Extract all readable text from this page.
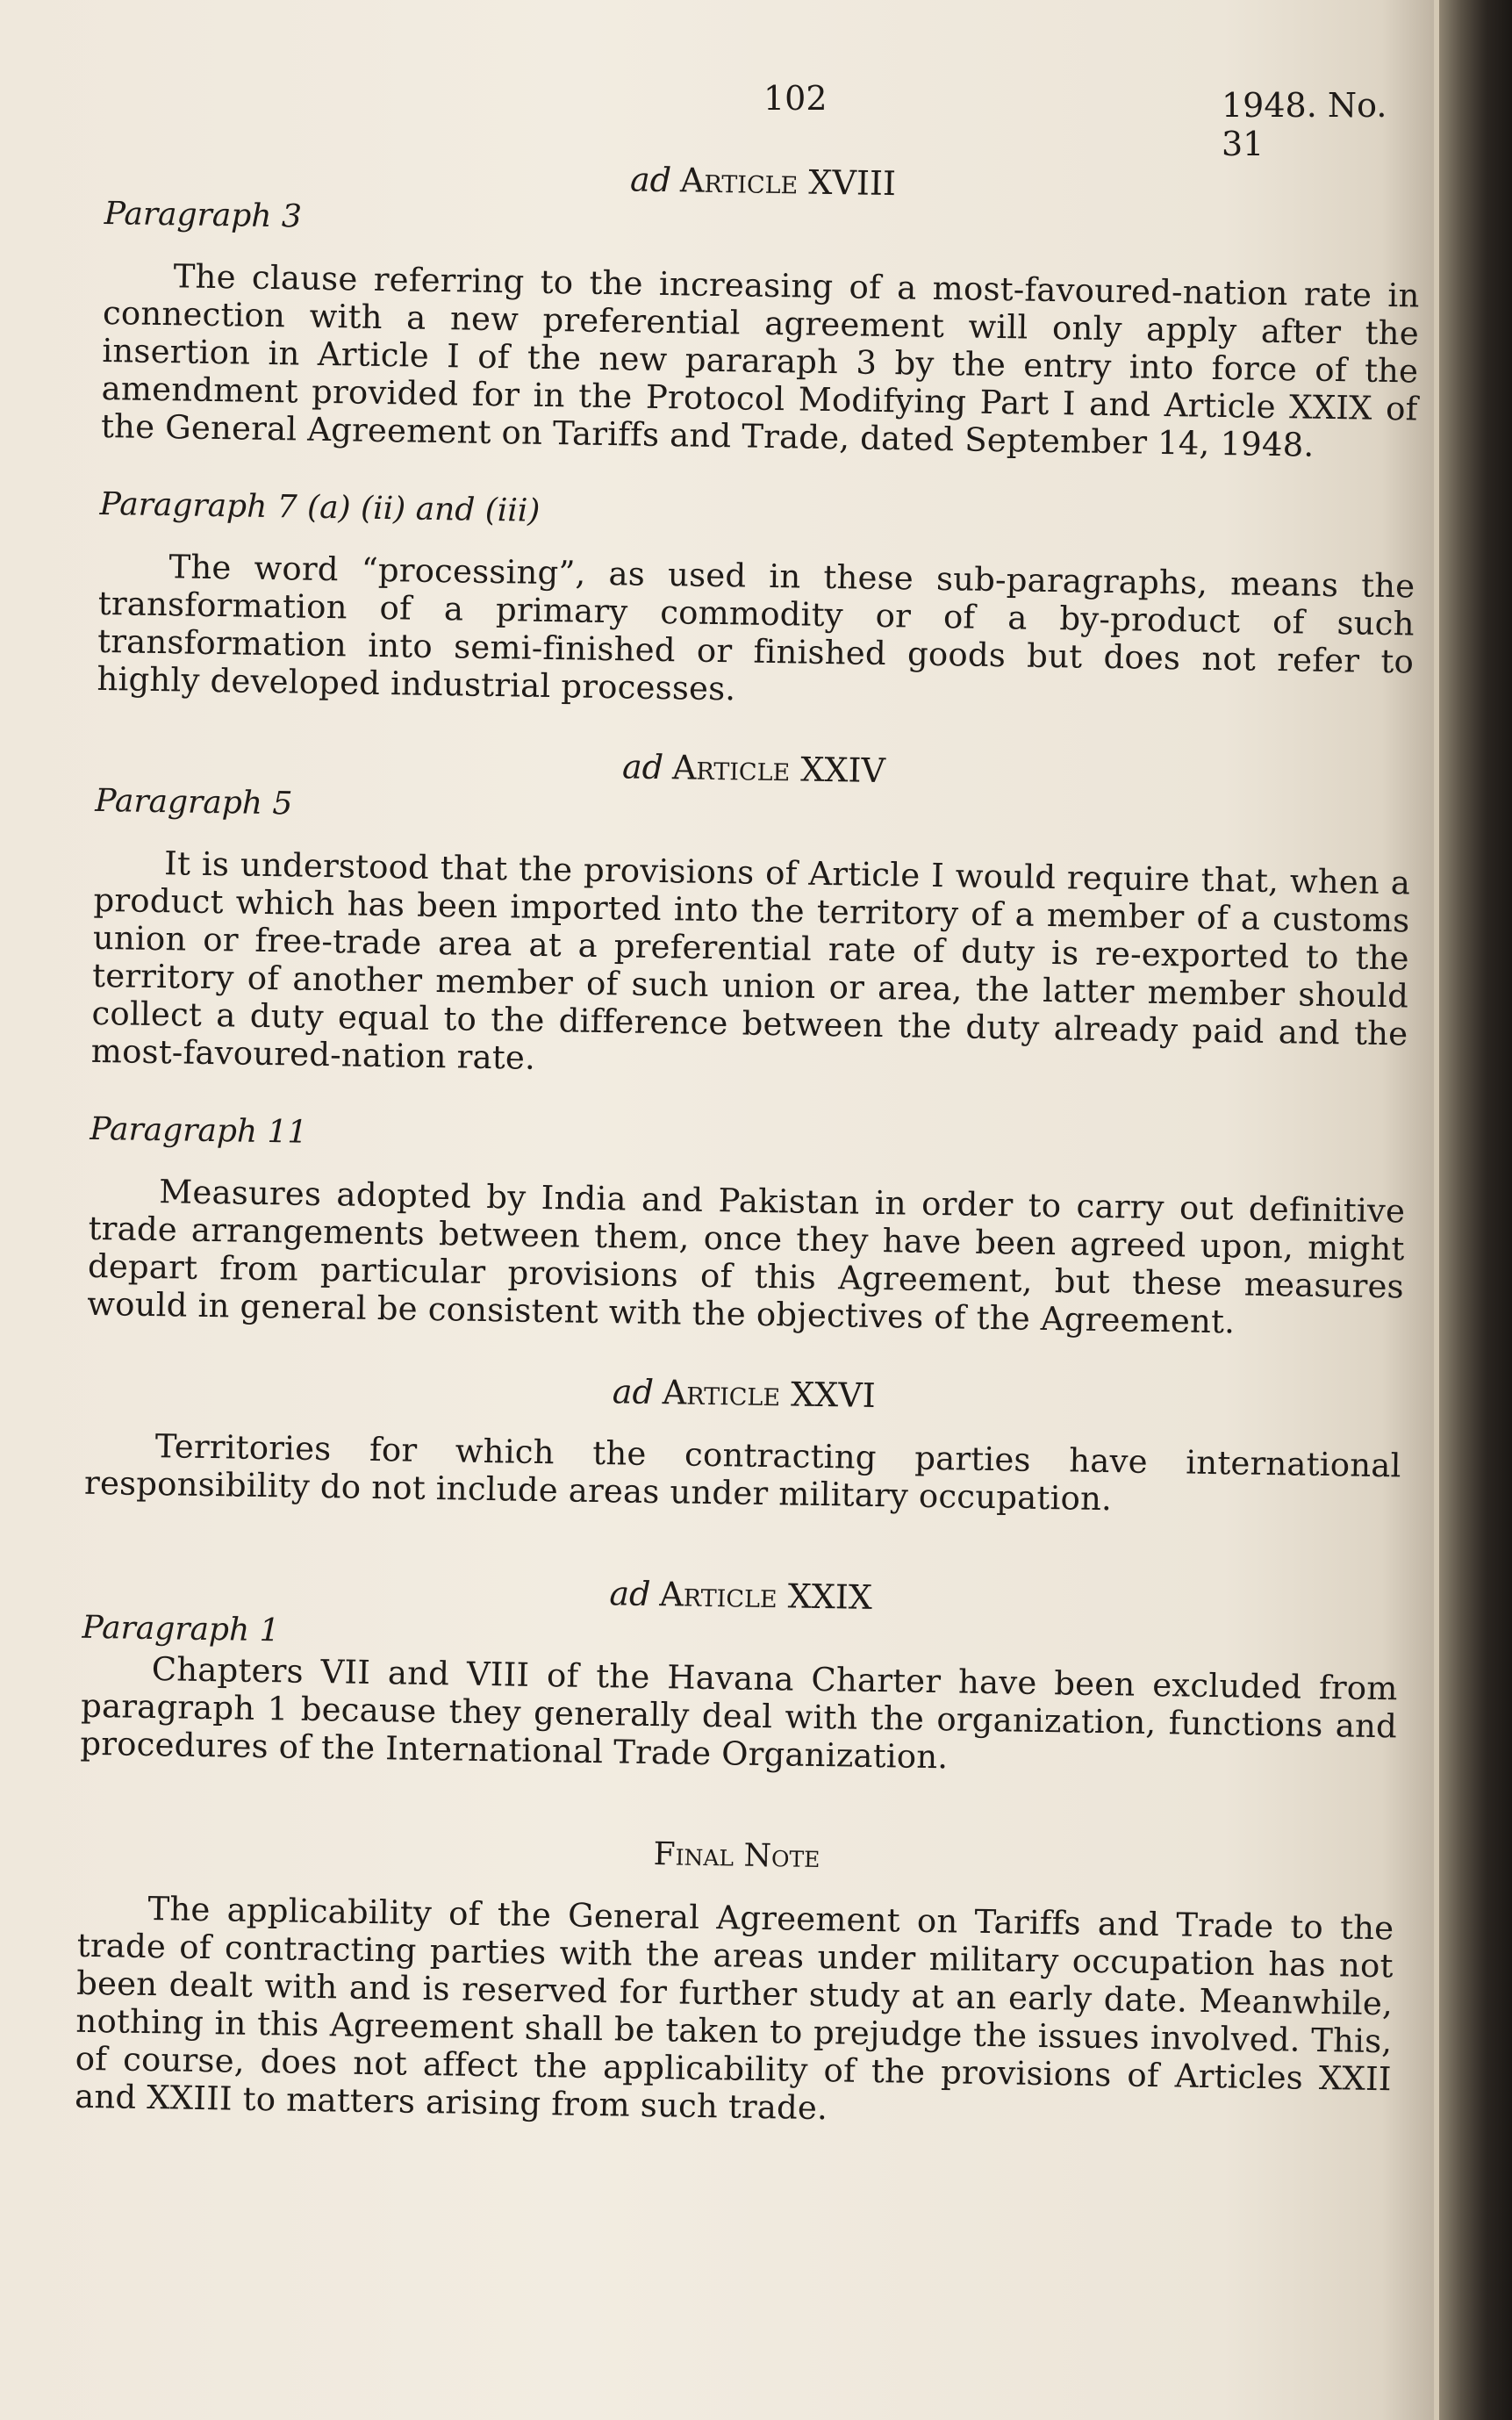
102	1948. No. 31
ad Article XVIII
Paragraph 3

The clause referring to the increasing of a most-favoured-nation rate in connection with a new preferential agreement will only apply after the insertion in Article I of the new pararaph 3 by the entry into force of the amendment provided for in the Protocol Modifying Part I and Article XXIX of the General Agreement on Tariffs and Trade, dated September 14, 1948.

Paragraph 7 (a) (ii) and (iii)

The word “processing”, as used in these sub-paragraphs, means the transformation of a primary commodity or of a by-product of such transformation into semi-finished or finished goods but does not refer to highly developed industrial processes.

ad Article XXIV
Paragraph 5

It is understood that the provisions of Article I would require that, when a product which has been imported into the territory of a member of a customs union or free-trade area at a preferential rate of duty is re-exported to the territory of another member of such union or area, the latter member should collect a duty equal to the difference between the duty already paid and the most-favoured-nation rate.

Paragraph 11

Measures adopted by India and Pakistan in order to carry out definitive trade arrangements between them, once they have been agreed upon, might depart from particular provisions of this Agreement, but these measures would in general be consistent with the objectives of the Agreement.

ad Article XXVI

Territories for which the contracting parties have international responsibility do not include areas under military occupation.

ad Article XXIX
Paragraph 1

Chapters VII and VIII of the Havana Charter have been excluded from paragraph 1 because they generally deal with the organization, functions and procedures of the International Trade Organization.

Final Note

The applicability of the General Agreement on Tariffs and Trade to the trade of contracting parties with the areas under military occupation has not been dealt with and is reserved for further study at an early date. Meanwhile, nothing in this Agreement shall be taken to prejudge the issues involved. This, of course, does not affect the applicability of the provisions of Articles XXII and XXIII to matters arising from such trade.
